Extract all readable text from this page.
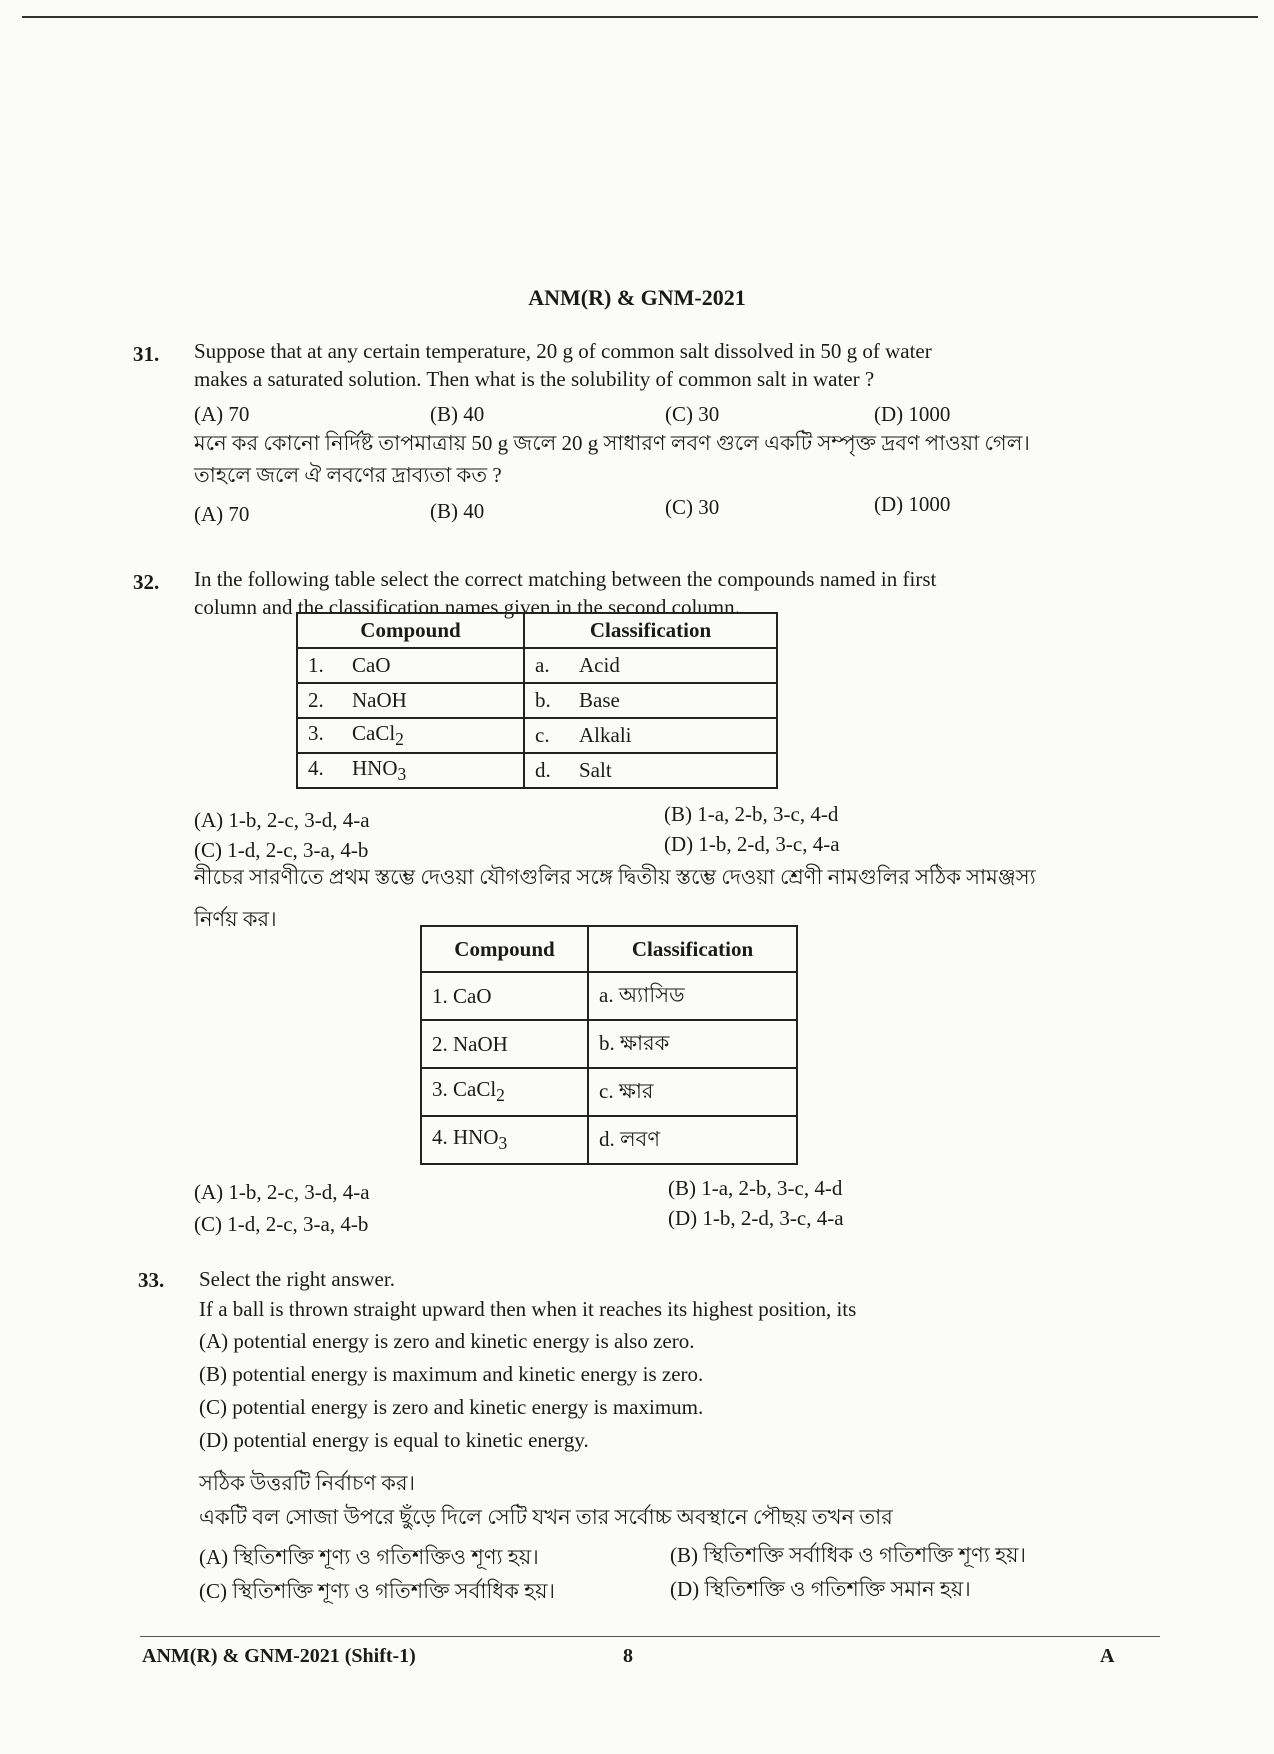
ANM(R) & GNM-2021
31. Suppose that at any certain temperature, 20 g of common salt dissolved in 50 g of water
makes a saturated solution. Then what is the solubility of common salt in water ?
(A) 70	(B) 40	(C) 30	(D) 1000
মনে কর কোনো নির্দিষ্ট তাপমাত্রায় 50 g জলে 20 g সাধারণ লবণ গুলে একটি সম্পৃক্ত দ্রবণ পাওয়া গেল।
তাহলে জলে ঐ লবণের দ্রাব্যতা কত ?
(A) 70	(B) 40	(C) 30	(D) 1000
32. In the following table select the correct matching between the compounds named in first
column and the classification names given in the second column.
Compound	Classification
1. CaO	a. Acid
2. NaOH	b. Base
3. CaCl$_2$	c. Alkali
4. $HNO_3$	d. Salt
(A) 1-b, 2-c, 3-d, 4-a	(B) 1-a, 2-b, 3-c, 4-d
(C) 1-d, 2-c, 3-a, 4-b	(D) 1-b, 2-d, 3-c, 4-a
নীচের সারণীতে প্রথম স্তম্ভে দেওয়া যৌগগুলির সঙ্গে দ্বিতীয় স্তম্ভে দেওয়া শ্রেণী নামগুলির সঠিক সামঞ্জস্য
নির্ণয় কর।
Compound	Classification
1. CaO	a. অ্যাসিড
2. NaOH	b. ক্ষারক
3. CaCl$_2$	c. ক্ষার
4. $HNO_3$	d. লবণ
(A) 1-b, 2-c, 3-d, 4-a	(B) 1-a, 2-b, 3-c, 4-d
(C) 1-d, 2-c, 3-a, 4-b	(D) 1-b, 2-d, 3-c, 4-a
33. Select the right answer.
If a ball is thrown straight upward then when it reaches its highest position, its
(A) potential energy is zero and kinetic energy is also zero.
(B) potential energy is maximum and kinetic energy is zero.
(C) potential energy is zero and kinetic energy is maximum.
(D) potential energy is equal to kinetic energy.
সঠিক উত্তরটি নির্বাচণ কর।
একটি বল সোজা উপরে ছুঁড়ে দিলে সেটি যখন তার সর্বোচ্চ অবস্থানে পৌছয় তখন তার
(A) স্থিতিশক্তি শূণ্য ও গতিশক্তিও শূণ্য হয়।	(B) স্থিতিশক্তি সর্বাধিক ও গতিশক্তি শূণ্য হয়।
(C) স্থিতিশক্তি শূণ্য ও গতিশক্তি সর্বাধিক হয়।	(D) স্থিতিশক্তি ও গতিশক্তি সমান হয়।
ANM(R) & GNM-2021 (Shift-1)	8	A
